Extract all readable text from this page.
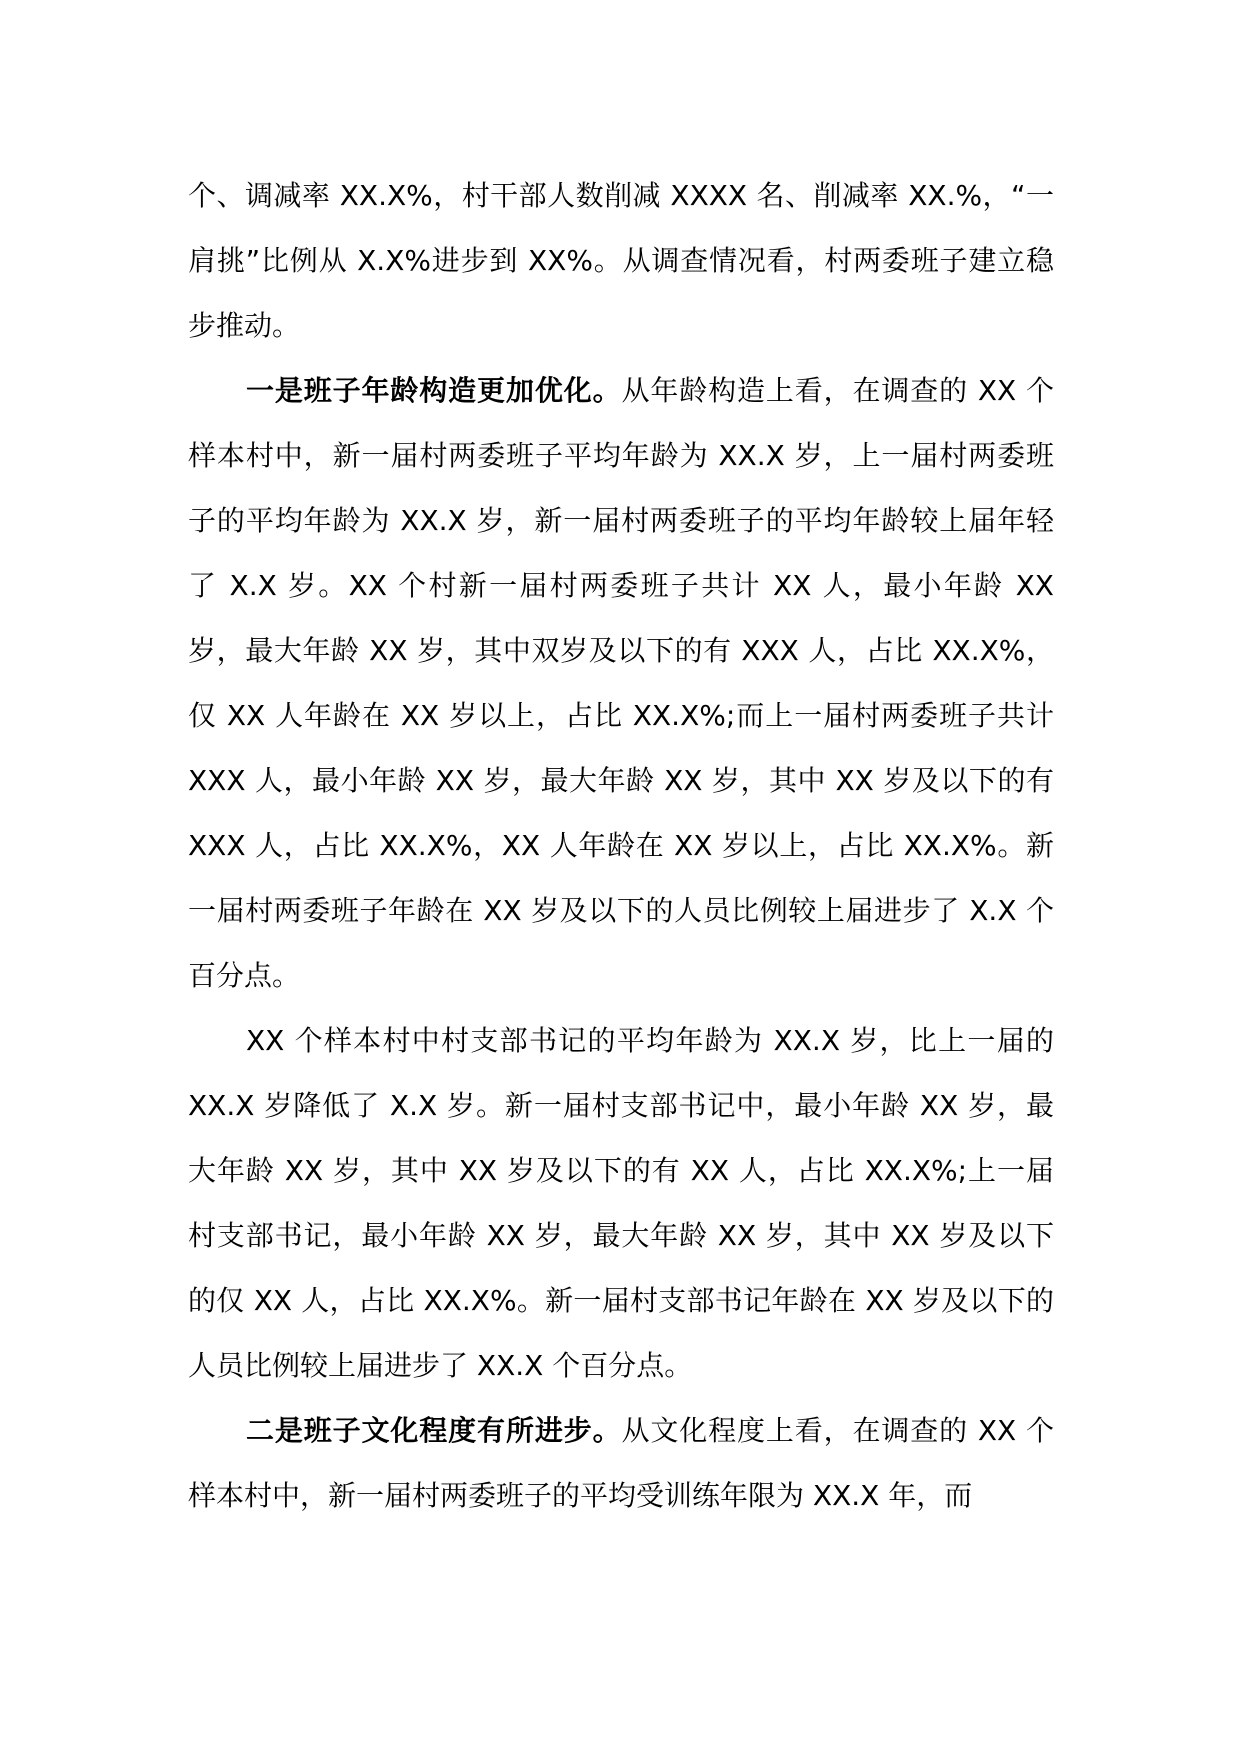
个、调减率 XX.X%，村干部人数削减 XXXX 名、削减率 XX.%，“一肩挑”比例从 X.X%进步到 XX%。从调查情况看，村两委班子建立稳步推动。

一是班子年龄构造更加优化。从年龄构造上看，在调查的 XX 个样本村中，新一届村两委班子平均年龄为 XX.X 岁，上一届村两委班子的平均年龄为 XX.X 岁，新一届村两委班子的平均年龄较上届年轻了 X.X 岁。XX 个村新一届村两委班子共计 XX 人，最小年龄 XX 岁，最大年龄 XX 岁，其中双岁及以下的有 XXX 人，占比 XX.X%，仅 XX 人年龄在 XX 岁以上，占比 XX.X%;而上一届村两委班子共计 XXX 人，最小年龄 XX 岁，最大年龄 XX 岁，其中 XX 岁及以下的有 XXX 人，占比 XX.X%，XX 人年龄在 XX 岁以上，占比 XX.X%。新一届村两委班子年龄在 XX 岁及以下的人员比例较上届进步了 X.X 个百分点。

XX 个样本村中村支部书记的平均年龄为 XX.X 岁，比上一届的 XX.X 岁降低了 X.X 岁。新一届村支部书记中，最小年龄 XX 岁，最大年龄 XX 岁，其中 XX 岁及以下的有 XX 人，占比 XX.X%;上一届村支部书记，最小年龄 XX 岁，最大年龄 XX 岁，其中 XX 岁及以下的仅 XX 人，占比 XX.X%。新一届村支部书记年龄在 XX 岁及以下的人员比例较上届进步了 XX.X 个百分点。

二是班子文化程度有所进步。从文化程度上看，在调查的 XX 个样本村中，新一届村两委班子的平均受训练年限为 XX.X 年，而
